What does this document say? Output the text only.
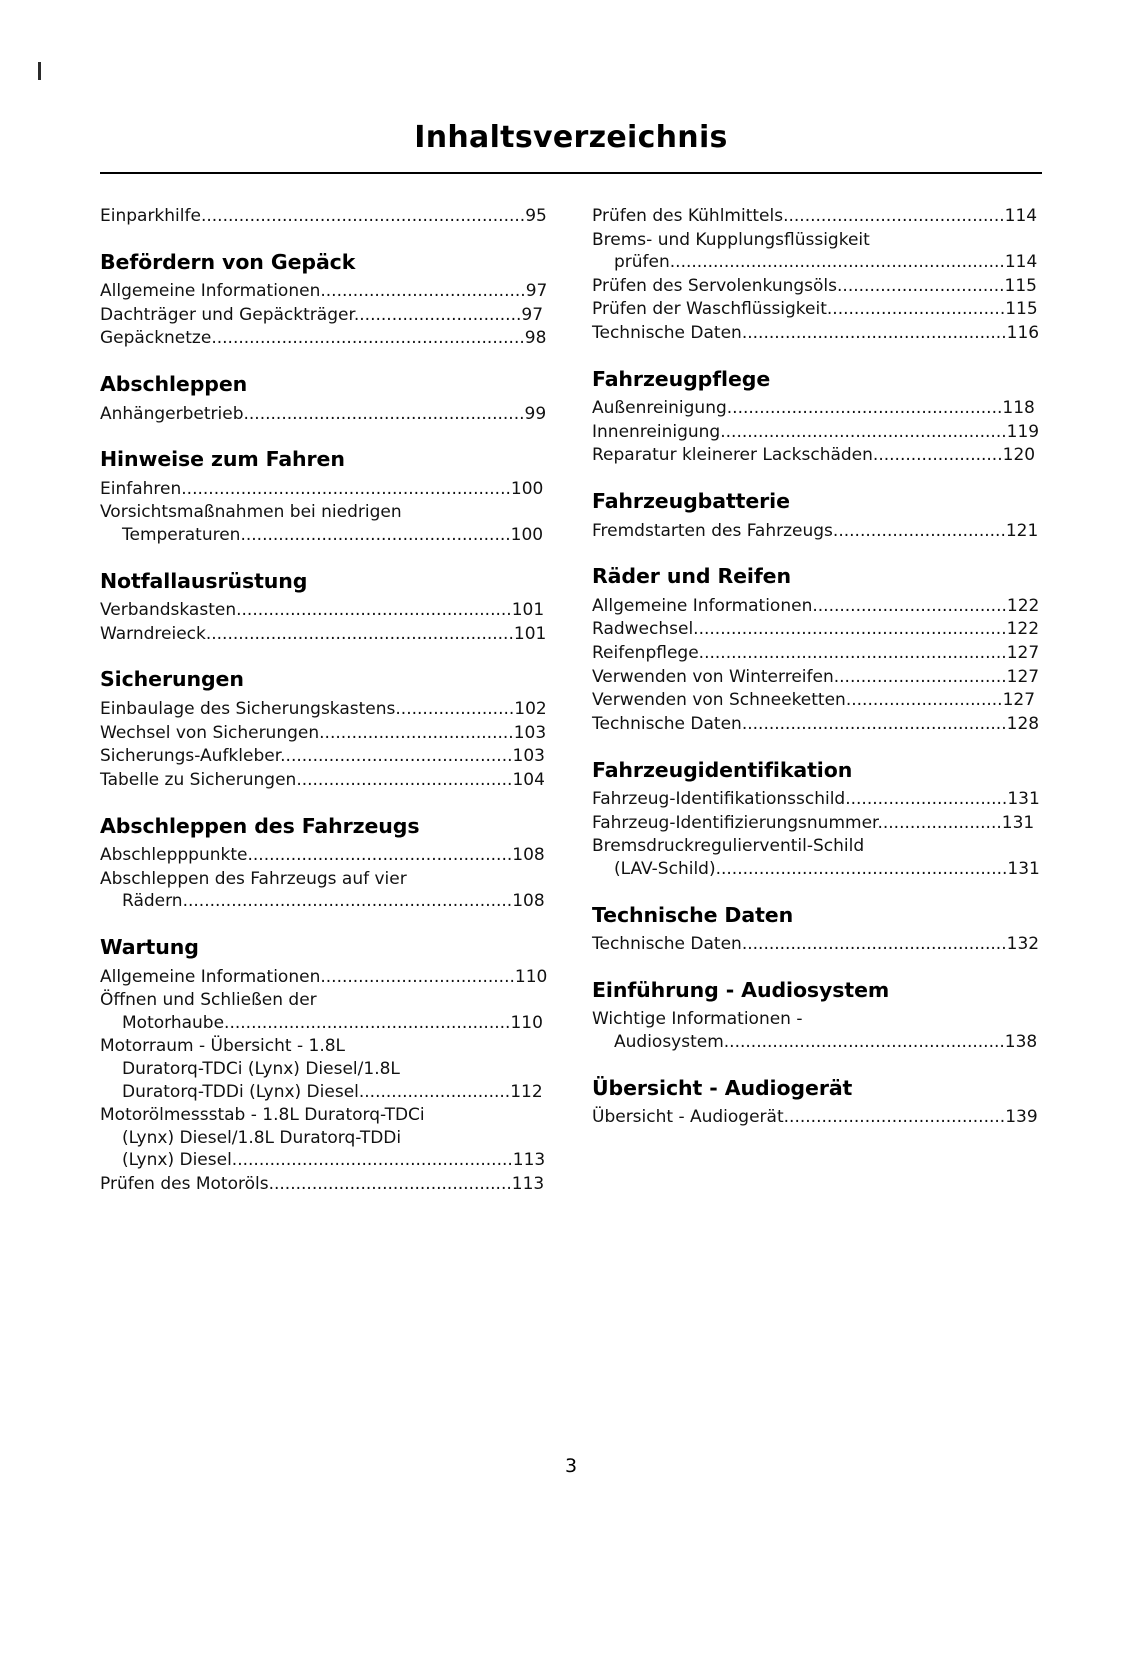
Inhaltsverzeichnis
Einparkhilfe............................................................95
Befördern von Gepäck
Allgemeine Informationen......................................97
Dachträger und Gepäckträger...............................97
Gepäcknetze..........................................................98
Abschleppen
Anhängerbetrieb....................................................99
Hinweise zum Fahren
Einfahren.............................................................100
Vorsichtsmaßnahmen bei niedrigen
Temperaturen..................................................100
Notfallausrüstung
Verbandskasten...................................................101
Warndreieck.........................................................101
Sicherungen
Einbaulage des Sicherungskastens......................102
Wechsel von Sicherungen....................................103
Sicherungs-Aufkleber...........................................103
Tabelle zu Sicherungen........................................104
Abschleppen des Fahrzeugs
Abschlepppunkte.................................................108
Abschleppen des Fahrzeugs auf vier
Rädern.............................................................108
Wartung
Allgemeine Informationen....................................110
Öffnen und Schließen der
Motorhaube.....................................................110
Motorraum - Übersicht - 1.8L
Duratorq-TDCi (Lynx) Diesel/1.8L
Duratorq-TDDi (Lynx) Diesel............................112
Motorölmessstab - 1.8L Duratorq-TDCi
(Lynx) Diesel/1.8L Duratorq-TDDi
(Lynx) Diesel....................................................113
Prüfen des Motoröls.............................................113
Prüfen des Kühlmittels.........................................114
Brems- und Kupplungsflüssigkeit
prüfen..............................................................114
Prüfen des Servolenkungsöls...............................115
Prüfen der Waschflüssigkeit.................................115
Technische Daten.................................................116
Fahrzeugpflege
Außenreinigung...................................................118
Innenreinigung.....................................................119
Reparatur kleinerer Lackschäden........................120
Fahrzeugbatterie
Fremdstarten des Fahrzeugs................................121
Räder und Reifen
Allgemeine Informationen....................................122
Radwechsel..........................................................122
Reifenpflege.........................................................127
Verwenden von Winterreifen................................127
Verwenden von Schneeketten.............................127
Technische Daten.................................................128
Fahrzeugidentifikation
Fahrzeug-Identifikationsschild..............................131
Fahrzeug-Identifizierungsnummer.......................131
Bremsdruckregulierventil-Schild
(LAV-Schild)......................................................131
Technische Daten
Technische Daten.................................................132
Einführung - Audiosystem
Wichtige Informationen -
Audiosystem....................................................138
Übersicht - Audiogerät
Übersicht - Audiogerät.........................................139
3
